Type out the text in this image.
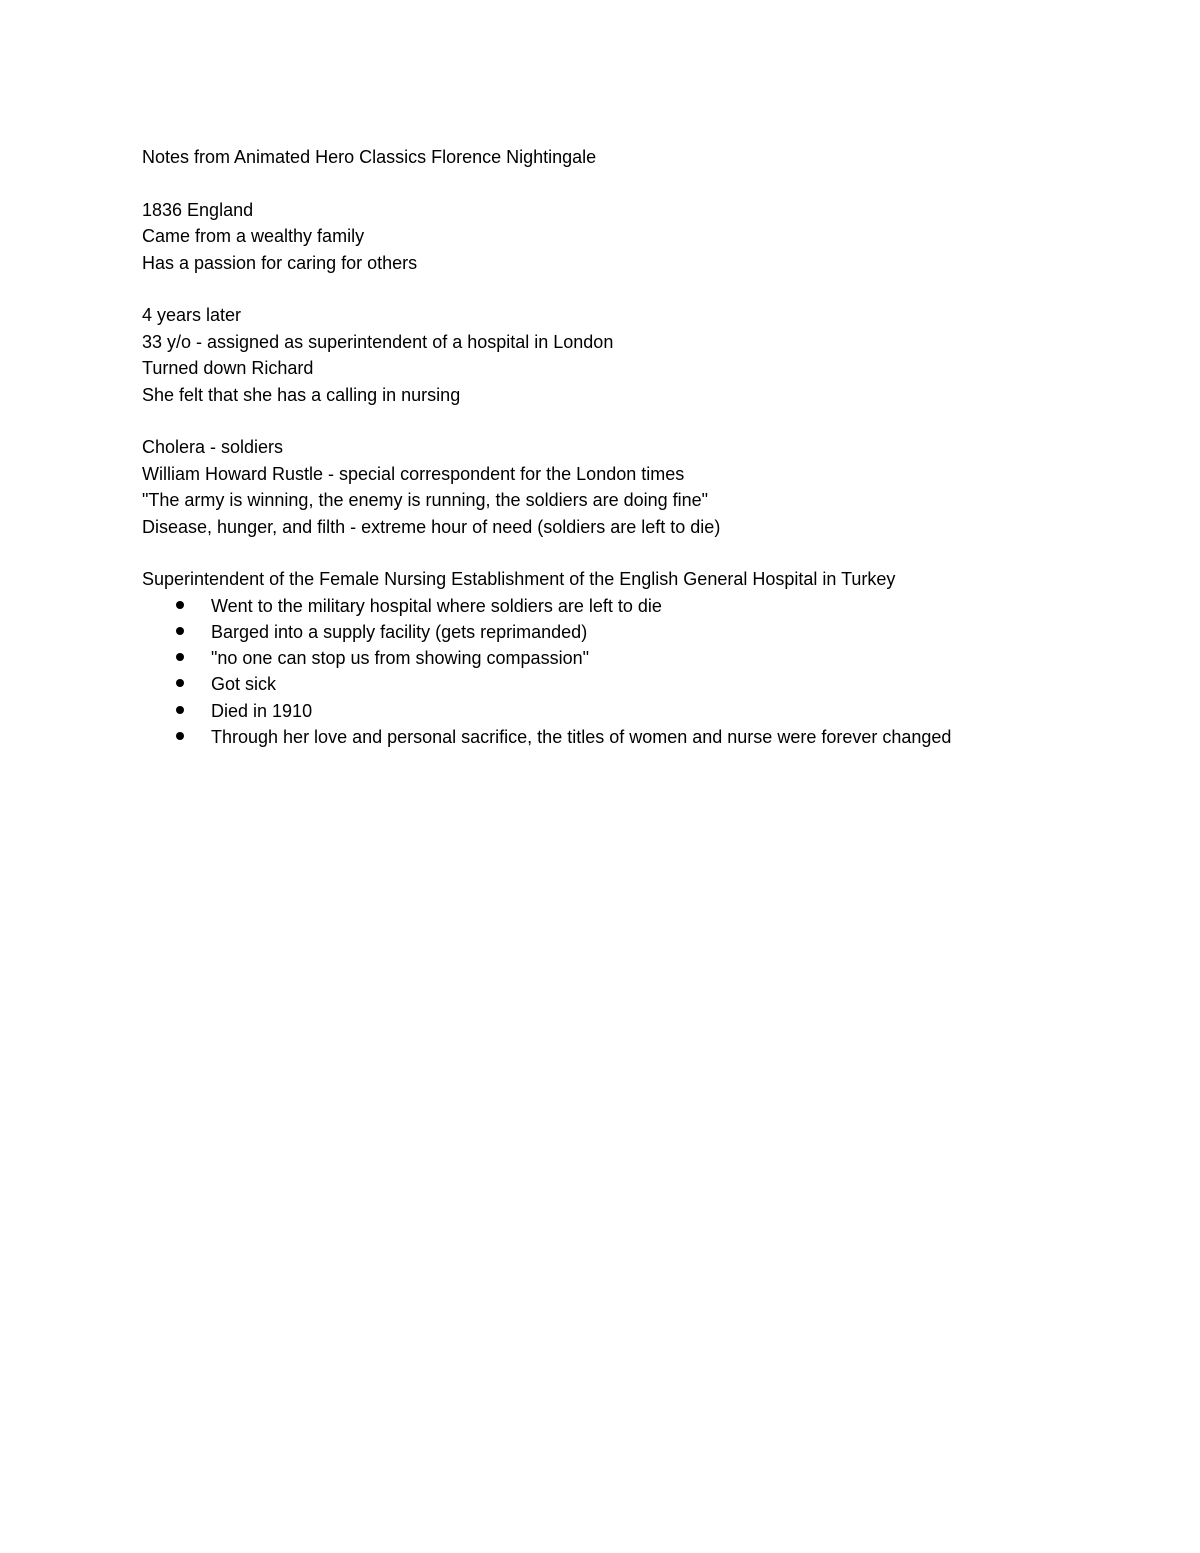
Notes from Animated Hero Classics Florence Nightingale
1836 England
Came from a wealthy family
Has a passion for caring for others
4 years later
33 y/o - assigned as superintendent of a hospital in London
Turned down Richard
She felt that she has a calling in nursing
Cholera - soldiers
William Howard Rustle - special correspondent for the London times
"The army is winning, the enemy is running, the soldiers are doing fine"
Disease, hunger, and filth - extreme hour of need (soldiers are left to die)
Superintendent of the Female Nursing Establishment of the English General Hospital in Turkey
Went to the military hospital where soldiers are left to die
Barged into a supply facility (gets reprimanded)
"no one can stop us from showing compassion"
Got sick
Died in 1910
Through her love and personal sacrifice, the titles of women and nurse were forever changed
